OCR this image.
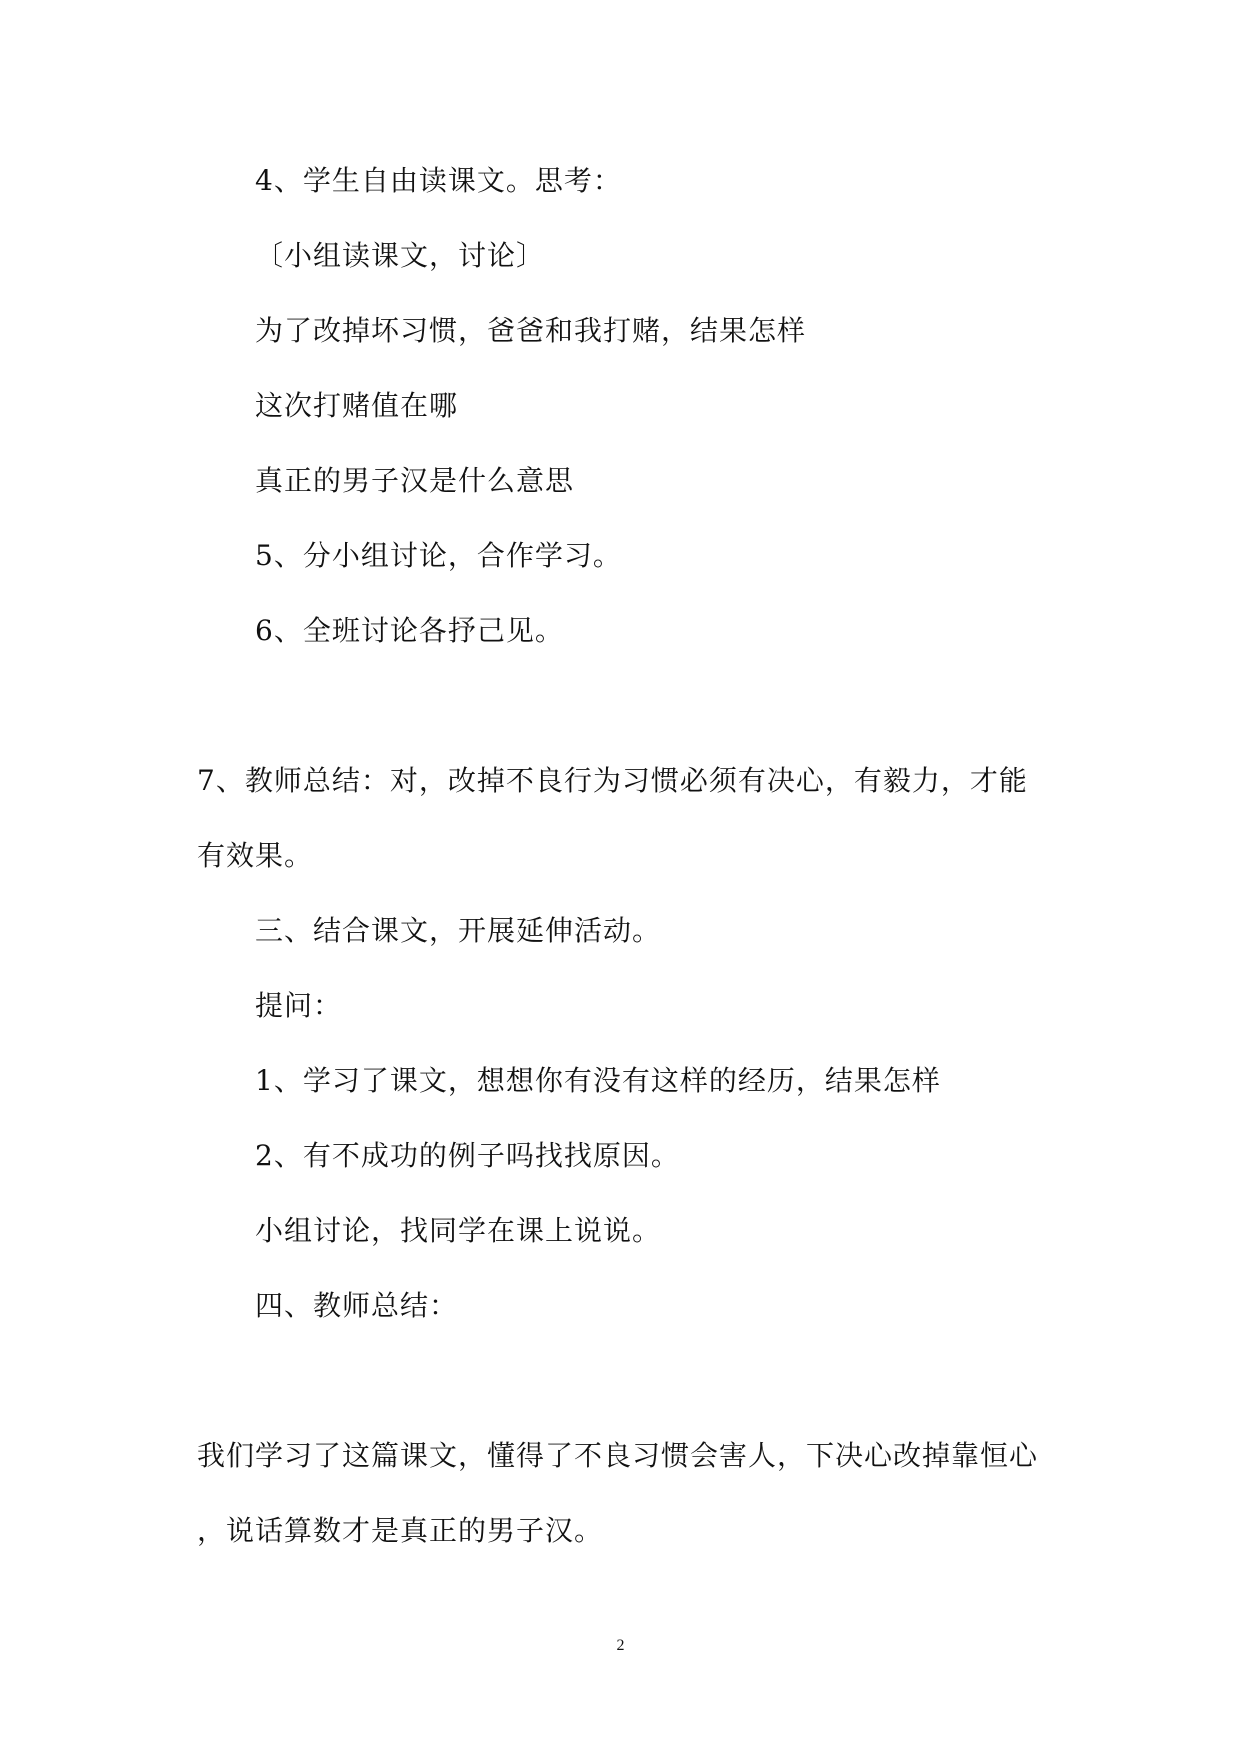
4、学生自由读课文。思考：

〔小组读课文，讨论〕

为了改掉坏习惯，爸爸和我打赌，结果怎样

这次打赌值在哪

真正的男子汉是什么意思

5、分小组讨论，合作学习。

6、全班讨论各抒己见。

7、教师总结：对，改掉不良行为习惯必须有决心，有毅力，才能

有效果。

三、结合课文，开展延伸活动。

提问：

1、学习了课文，想想你有没有这样的经历，结果怎样

2、有不成功的例子吗找找原因。

小组讨论，找同学在课上说说。

四、教师总结：

我们学习了这篇课文，懂得了不良习惯会害人，下决心改掉靠恒心

，说话算数才是真正的男子汉。

2
